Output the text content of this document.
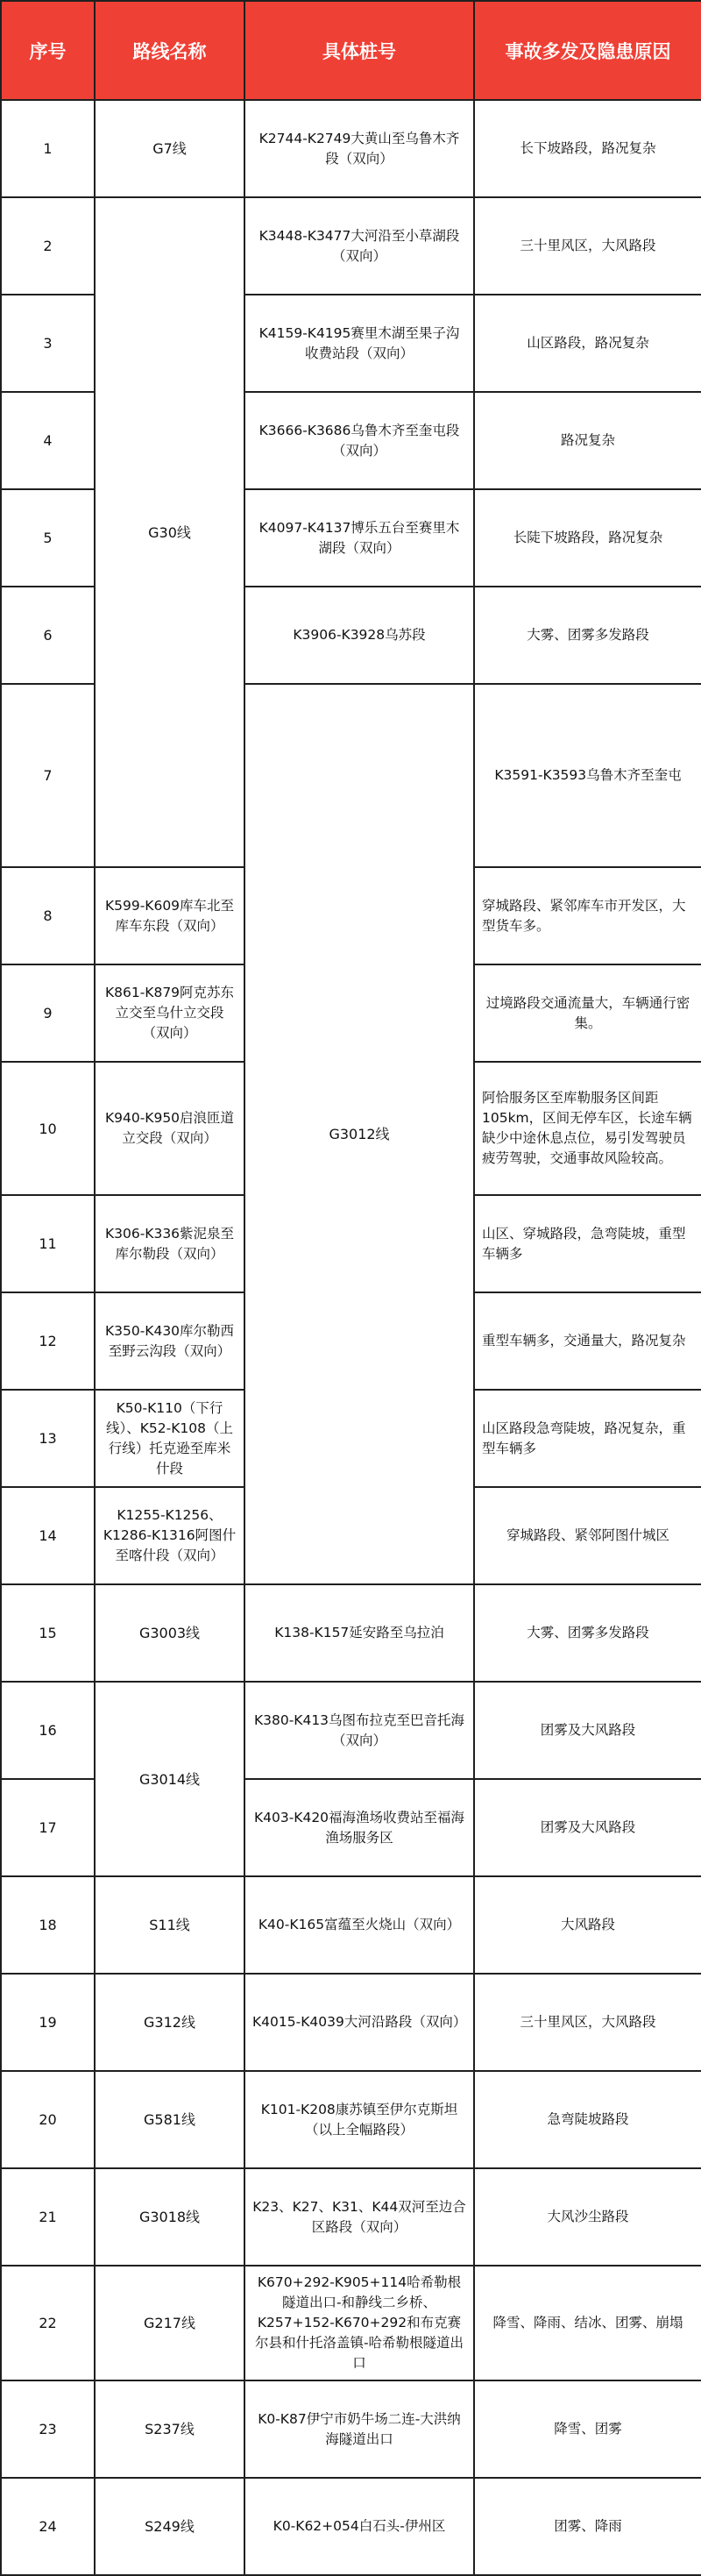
序号	路线名称	具体桩号	事故多发及隐患原因	
1	G7线	K2744-K2749大黄山至乌鲁木齐段（双向）	长下坡路段，路况复杂	
2	G30线	K3448-K3477大河沿至小草湖段（双向）	三十里风区，大风路段	
3		K4159-K4195赛里木湖至果子沟收费站段（双向）	山区路段，路况复杂	
4		K3666-K3686乌鲁木齐至奎屯段（双向）	路况复杂	
5		K4097-K4137博乐五台至赛里木湖段（双向）	长陡下坡路段，路况复杂	
6		K3906-K3928乌苏段	大雾、团雾多发路段	
7		G3012线	K3591-K3593乌鲁木齐至奎屯	
8	K599-K609库车北至库车东段（双向）		穿城路段、紧邻库车市开发区，大型货车多。	
9	K861-K879阿克苏东立交至乌什立交段（双向）		过境路段交通流量大，车辆通行密集。	
10	K940-K950启浪匝道立交段（双向）		阿恰服务区至库勒服务区间距105km，区间无停车区，长途车辆缺少中途休息点位，易引发驾驶员疲劳驾驶，交通事故风险较高。	
11	K306-K336紫泥泉至库尔勒段（双向）		山区、穿城路段，急弯陡坡，重型车辆多	
12	K350-K430库尔勒西至野云沟段（双向）		重型车辆多，交通量大，路况复杂	
13	K50-K110（下行线）、K52-K108（上行线）托克逊至库米什段		山区路段急弯陡坡，路况复杂，重型车辆多	
14	K1255-K1256、K1286-K1316阿图什至喀什段（双向）		穿城路段、紧邻阿图什城区	
15	G3003线	K138-K157延安路至乌拉泊	大雾、团雾多发路段	
16	G3014线	K380-K413乌图布拉克至巴音托海（双向）	团雾及大风路段	
17		K403-K420福海渔场收费站至福海渔场服务区	团雾及大风路段	
18	S11线	K40-K165富蕴至火烧山（双向）	大风路段	
19	G312线	K4015-K4039大河沿路段（双向）	三十里风区，大风路段	
20	G581线	K101-K208康苏镇至伊尔克斯坦（以上全幅路段）	急弯陡坡路段	
21	G3018线	K23、K27、K31、K44双河至边合区路段（双向）	大风沙尘路段	
22	G217线	K670+292-K905+114哈希勒根隧道出口-和静线二乡桥、K257+152-K670+292和布克赛尔县和什托洛盖镇-哈希勒根隧道出口	降雪、降雨、结冰、团雾、崩塌	
23	S237线	K0-K87伊宁市奶牛场二连-大洪纳海隧道出口	降雪、团雾	
24	S249线	K0-K62+054白石头-伊州区	团雾、降雨	
